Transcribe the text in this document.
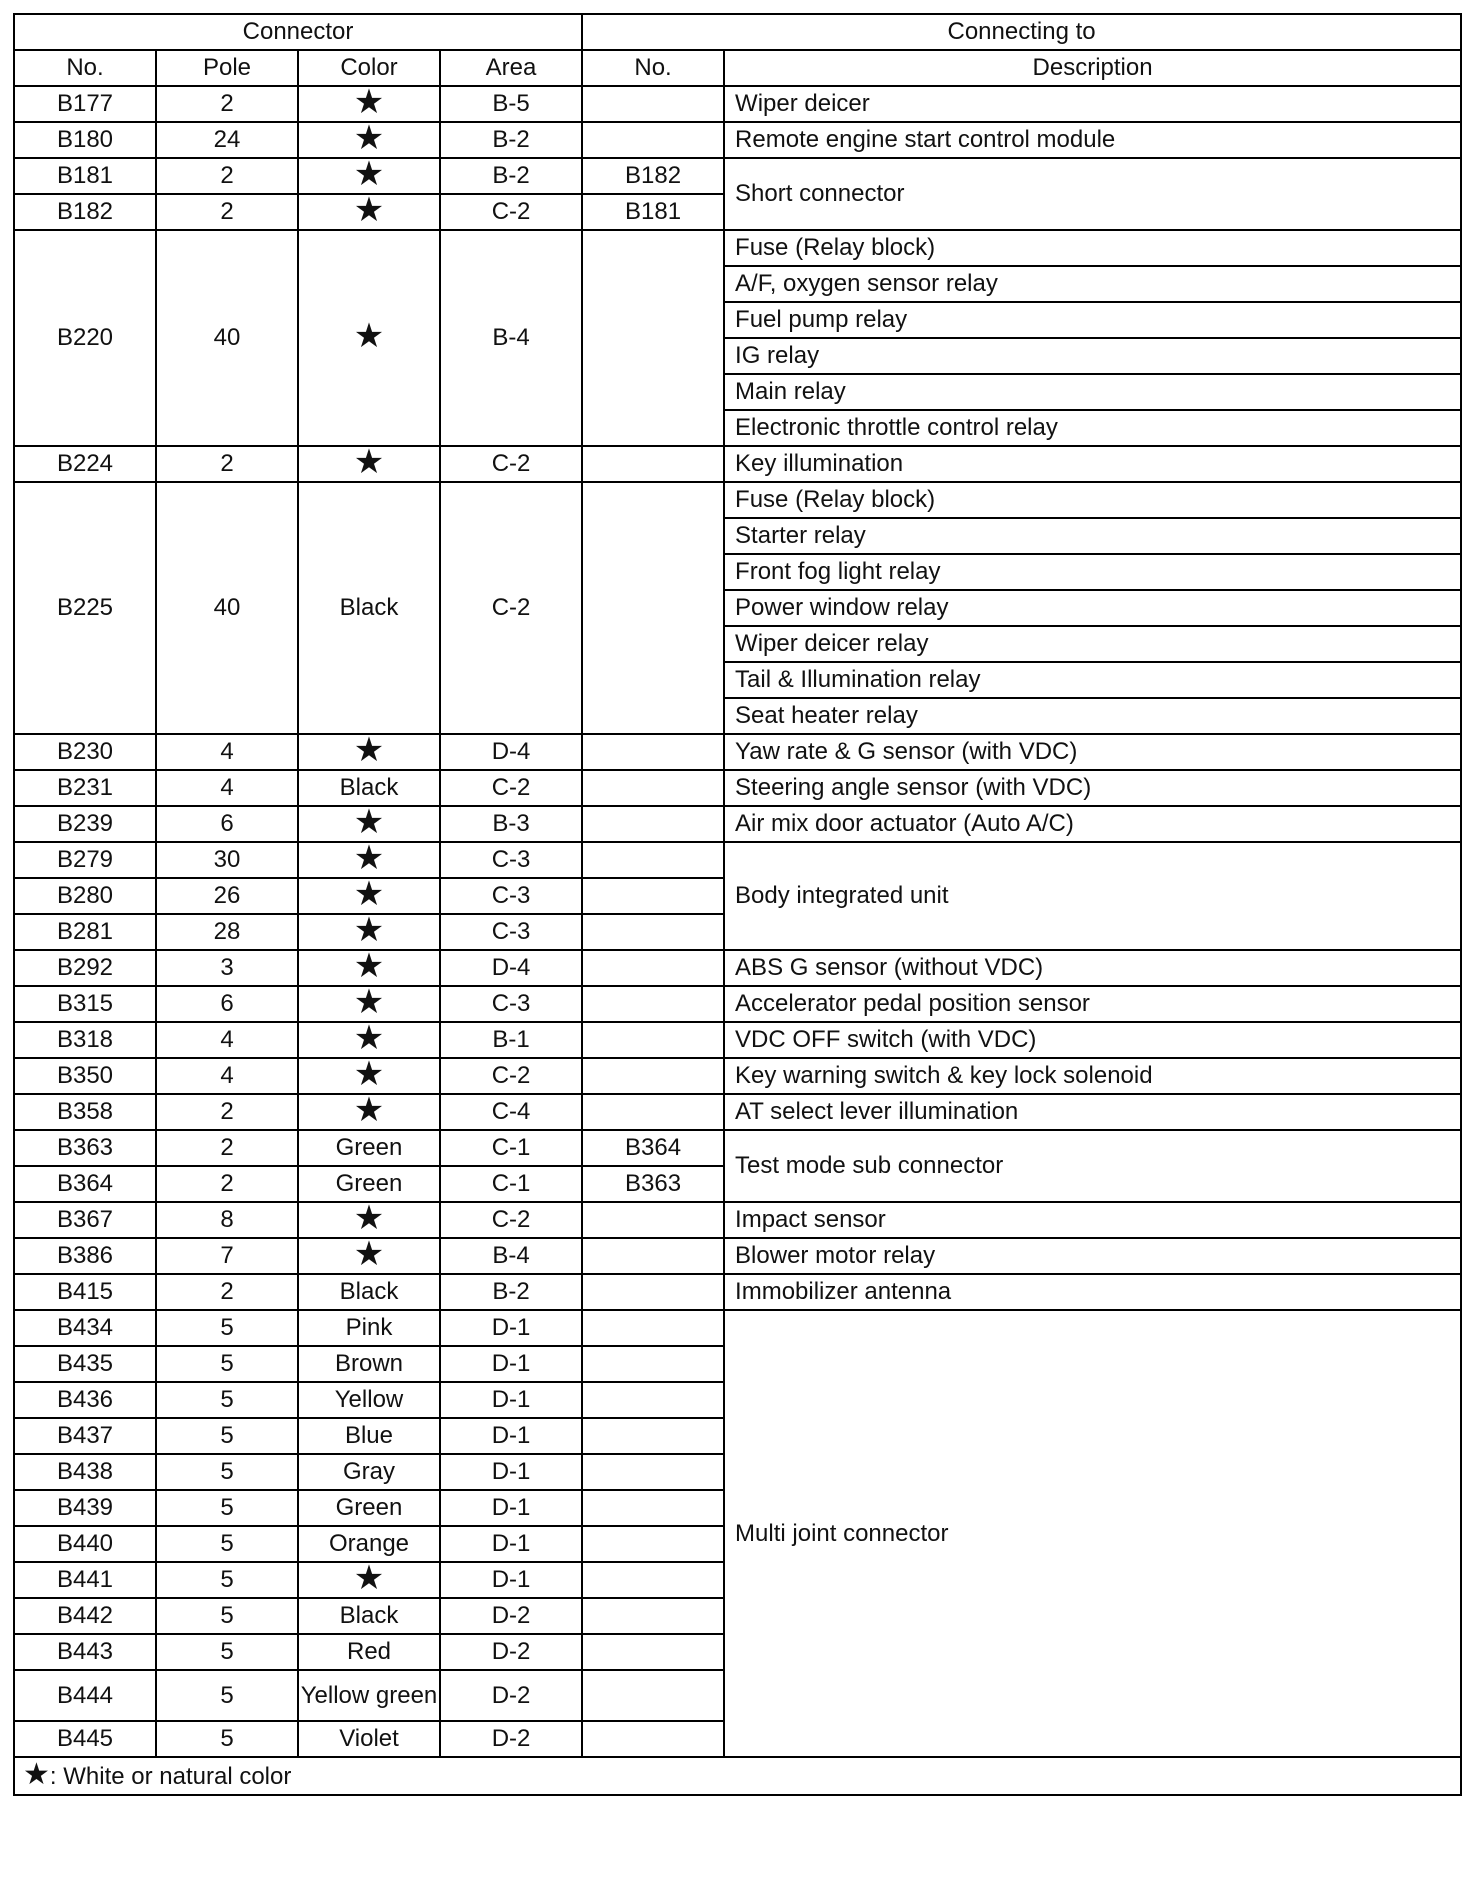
Connector				Connecting to	
No.	Pole	Color	Area	No.	Description
B177	2	★	B-5		Wiper deicer
B180	24	★	B-2		Remote engine start control module
B181	2	★	B-2	B182	Short connector
B182	2	★	C-2	B181	
B220	40	★	B-4		Fuse (Relay block)
					A/F, oxygen sensor relay
					Fuel pump relay
					IG relay
					Main relay
					Electronic throttle control relay
B224	2	★	C-2		Key illumination
B225	40	Black	C-2		Fuse (Relay block)
					Starter relay
					Front fog light relay
					Power window relay
					Wiper deicer relay
					Tail & Illumination relay
					Seat heater relay
B230	4	★	D-4		Yaw rate & G sensor (with VDC)
B231	4	Black	C-2		Steering angle sensor (with VDC)
B239	6	★	B-3		Air mix door actuator (Auto A/C)
B279	30	★	C-3		Body integrated unit
B280	26	★	C-3		
B281	28	★	C-3		
B292	3	★	D-4		ABS G sensor (without VDC)
B315	6	★	C-3		Accelerator pedal position sensor
B318	4	★	B-1		VDC OFF switch (with VDC)
B350	4	★	C-2		Key warning switch & key lock solenoid
B358	2	★	C-4		AT select lever illumination
B363	2	Green	C-1	B364	Test mode sub connector
B364	2	Green	C-1	B363	
B367	8	★	C-2		Impact sensor
B386	7	★	B-4		Blower motor relay
B415	2	Black	B-2		Immobilizer antenna
B434	5	Pink	D-1		Multi joint connector
B435	5	Brown	D-1		
B436	5	Yellow	D-1		
B437	5	Blue	D-1		
B438	5	Gray	D-1		
B439	5	Green	D-1		
B440	5	Orange	D-1		
B441	5	★	D-1		
B442	5	Black	D-2		
B443	5	Red	D-2		
B444	5	Yellow green	D-2		
B445	5	Violet	D-2		
★: White or natural color					
